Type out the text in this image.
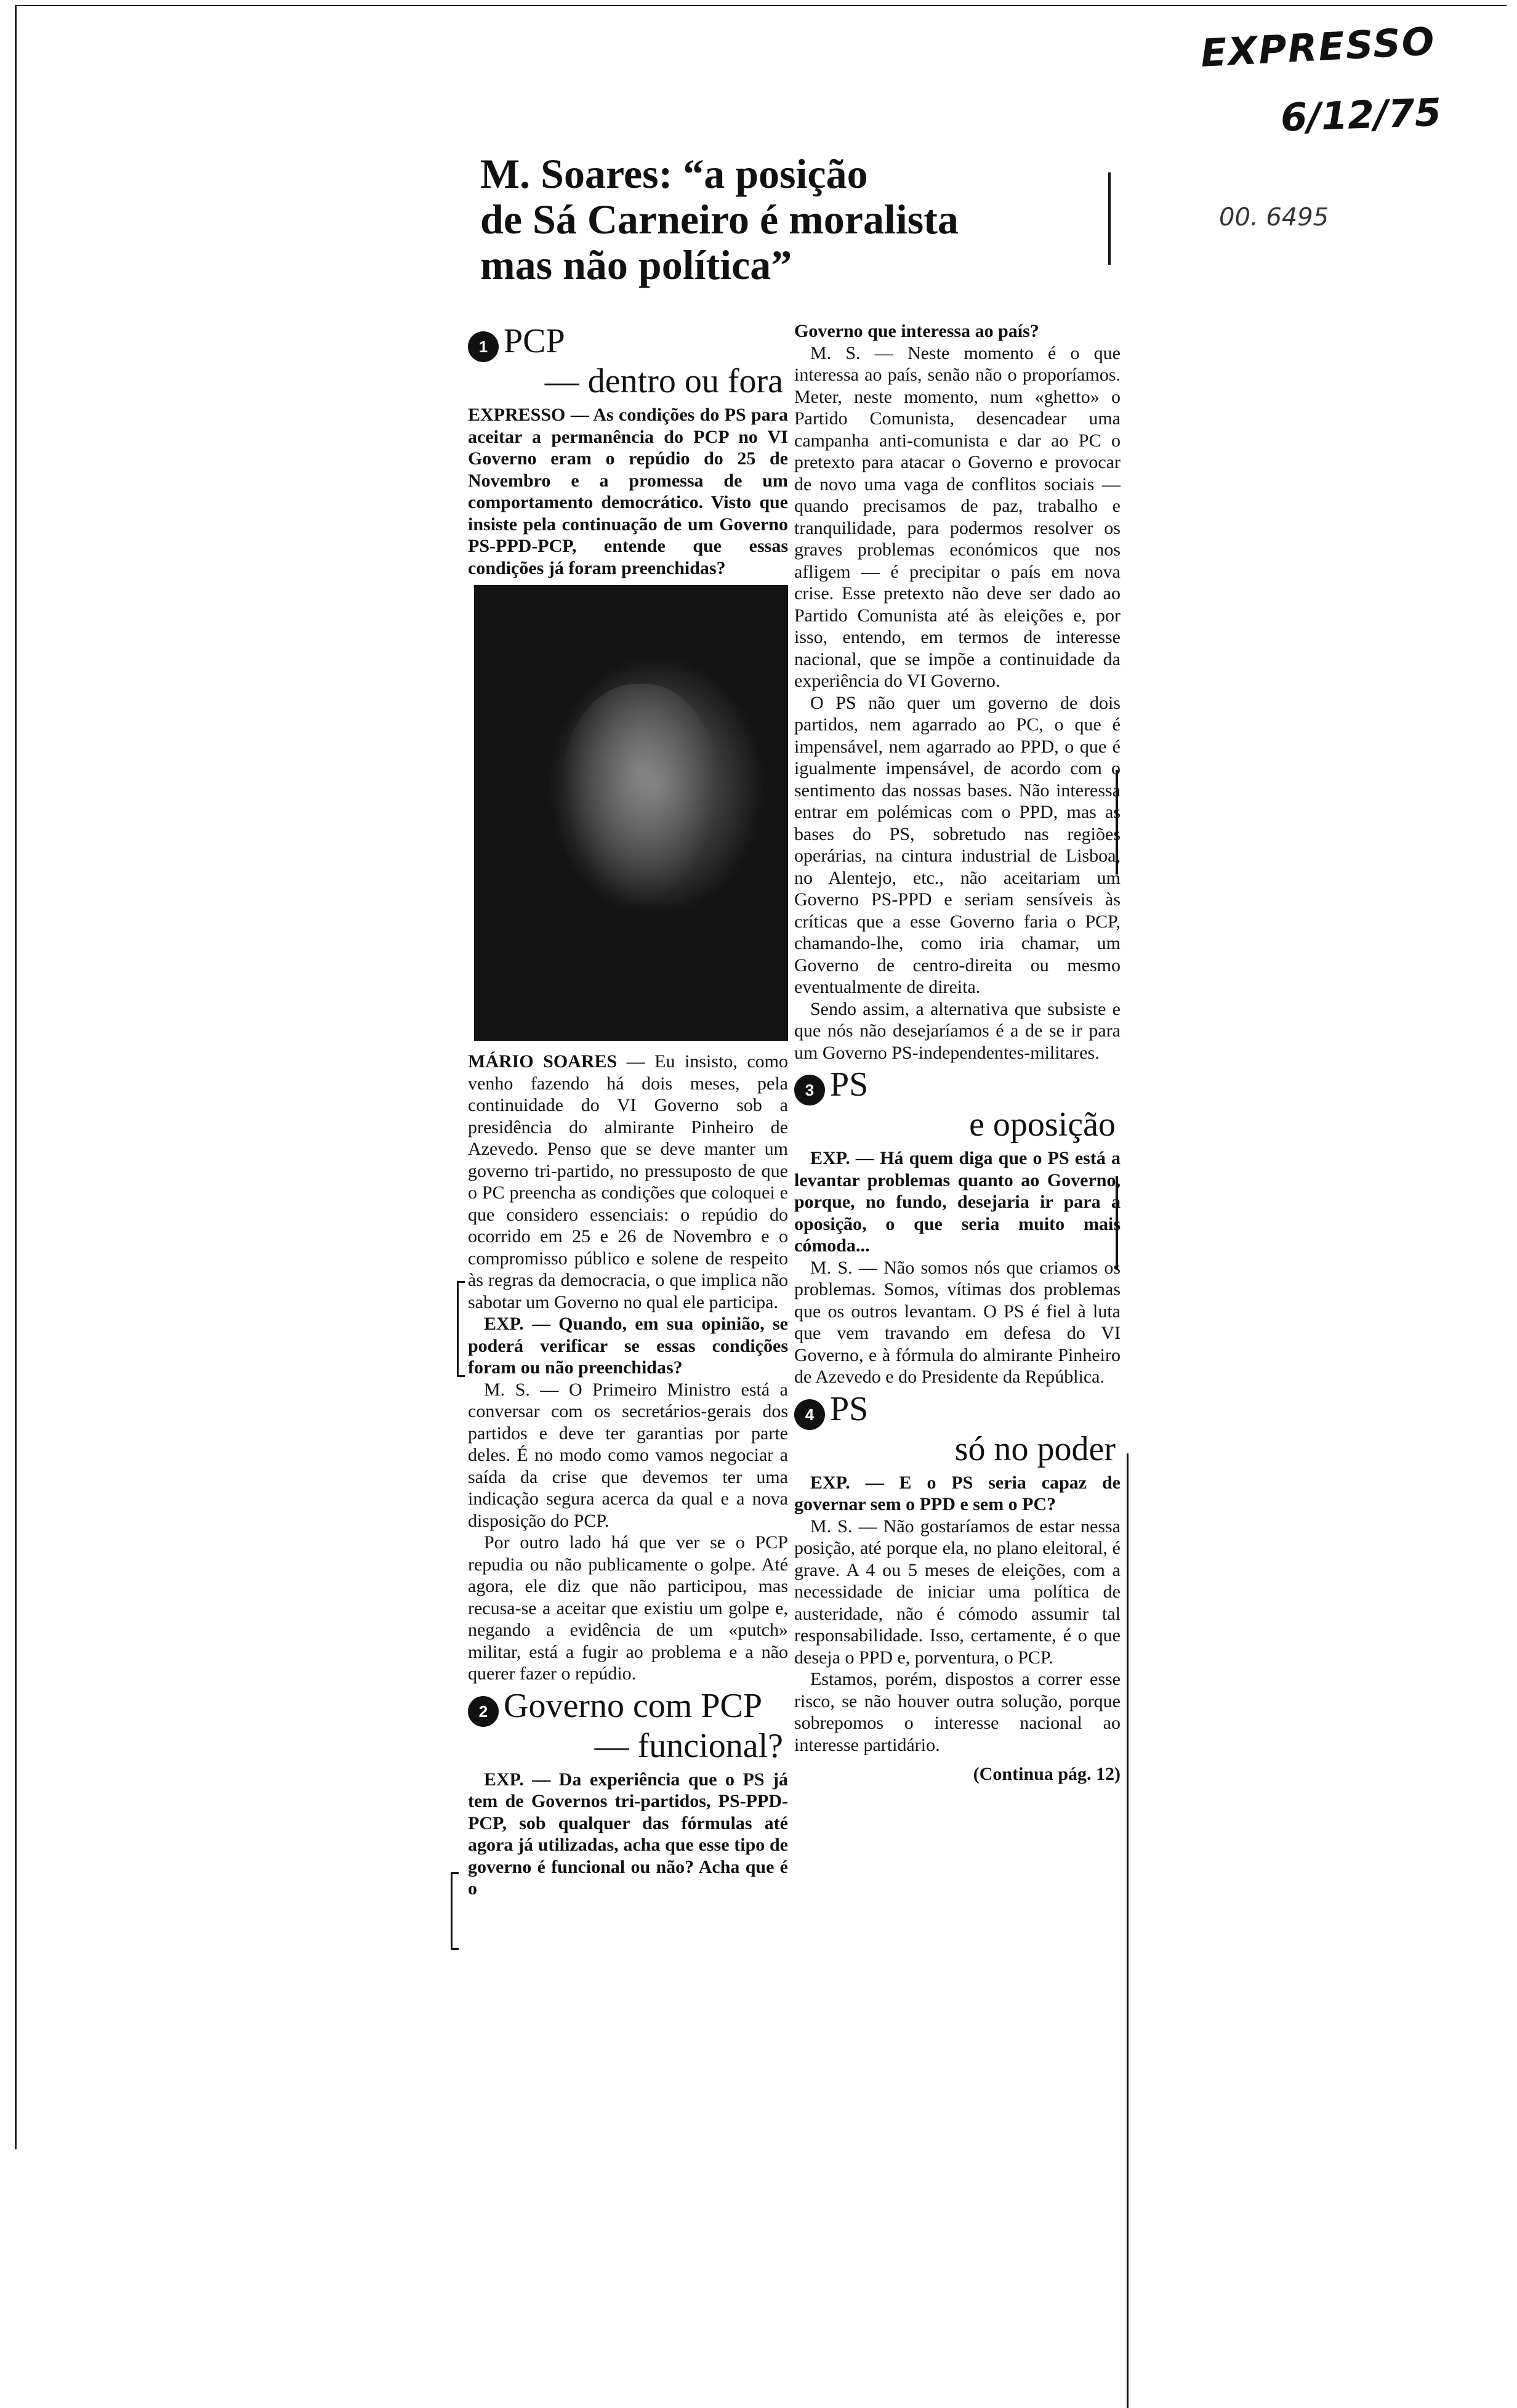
EXPRESSO
6/12/75
00. 6495
M. Soares: “a posição
de Sá Carneiro é moralista
mas não política”
1 PCP
— dentro ou fora

EXPRESSO — As condições do PS para aceitar a permanência do PCP no VI Governo eram o repúdio do 25 de Novembro e a promessa de um comportamento democrático. Visto que insiste pela continuação de um Governo PS-PPD-PCP, entende que essas condições já foram preenchidas?

MÁRIO SOARES — Eu insisto, como venho fazendo há dois meses, pela continuidade do VI Governo sob a presidência do almirante Pinheiro de Azevedo. Penso que se deve manter um governo tri-partido, no pressuposto de que o PC preencha as condições que coloquei e que considero essenciais: o repúdio do ocorrido em 25 e 26 de Novembro e o compromisso público e solene de respeito às regras da democracia, o que implica não sabotar um Governo no qual ele participa.

EXP. — Quando, em sua opinião, se poderá verificar se essas condições foram ou não preenchidas?

M. S. — O Primeiro Ministro está a conversar com os secretários-gerais dos partidos e deve ter garantias por parte deles. É no modo como vamos negociar a saída da crise que devemos ter uma indicação segura acerca da qual e a nova disposição do PCP.

Por outro lado há que ver se o PCP repudia ou não publicamente o golpe. Até agora, ele diz que não participou, mas recusa-se a aceitar que existiu um golpe e, negando a evidência de um «putch» militar, está a fugir ao problema e a não querer fazer o repúdio.

2 Governo com PCP
— funcional?

EXP. — Da experiência que o PS já tem de Governos tri-partidos, PS-PPD-PCP, sob qualquer das fórmulas até agora já utilizadas, acha que esse tipo de governo é funcional ou não? Acha que é o

Governo que interessa ao país?

M. S. — Neste momento é o que interessa ao país, senão não o proporíamos. Meter, neste momento, num «ghetto» o Partido Comunista, desencadear uma campanha anti-comunista e dar ao PC o pretexto para atacar o Governo e provocar de novo uma vaga de conflitos sociais — quando precisamos de paz, trabalho e tranquilidade, para podermos resolver os graves problemas económicos que nos afligem — é precipitar o país em nova crise. Esse pretexto não deve ser dado ao Partido Comunista até às eleições e, por isso, entendo, em termos de interesse nacional, que se impõe a continuidade da experiência do VI Governo.

O PS não quer um governo de dois partidos, nem agarrado ao PC, o que é impensável, nem agarrado ao PPD, o que é igualmente impensável, de acordo com o sentimento das nossas bases. Não interessa entrar em polémicas com o PPD, mas as bases do PS, sobretudo nas regiões operárias, na cintura industrial de Lisboa, no Alentejo, etc., não aceitariam um Governo PS-PPD e seriam sensíveis às críticas que a esse Governo faria o PCP, chamando-lhe, como iria chamar, um Governo de centro-direita ou mesmo eventualmente de direita.

Sendo assim, a alternativa que subsiste e que nós não desejaríamos é a de se ir para um Governo PS-independentes-militares.

3 PS
e oposição

EXP. — Há quem diga que o PS está a levantar problemas quanto ao Governo, porque, no fundo, desejaria ir para a oposição, o que seria muito mais cómoda...

M. S. — Não somos nós que criamos os problemas. Somos, vítimas dos problemas que os outros levantam. O PS é fiel à luta que vem travando em defesa do VI Governo, e à fórmula do almirante Pinheiro de Azevedo e do Presidente da República.

4 PS
só no poder

EXP. — E o PS seria capaz de governar sem o PPD e sem o PC?

M. S. — Não gostaríamos de estar nessa posição, até porque ela, no plano eleitoral, é grave. A 4 ou 5 meses de eleições, com a necessidade de iniciar uma política de austeridade, não é cómodo assumir tal responsabilidade. Isso, certamente, é o que deseja o PPD e, porventura, o PCP.

Estamos, porém, dispostos a correr esse risco, se não houver outra solução, porque sobrepomos o interesse nacional ao interesse partidário.

(Continua pág. 12)
